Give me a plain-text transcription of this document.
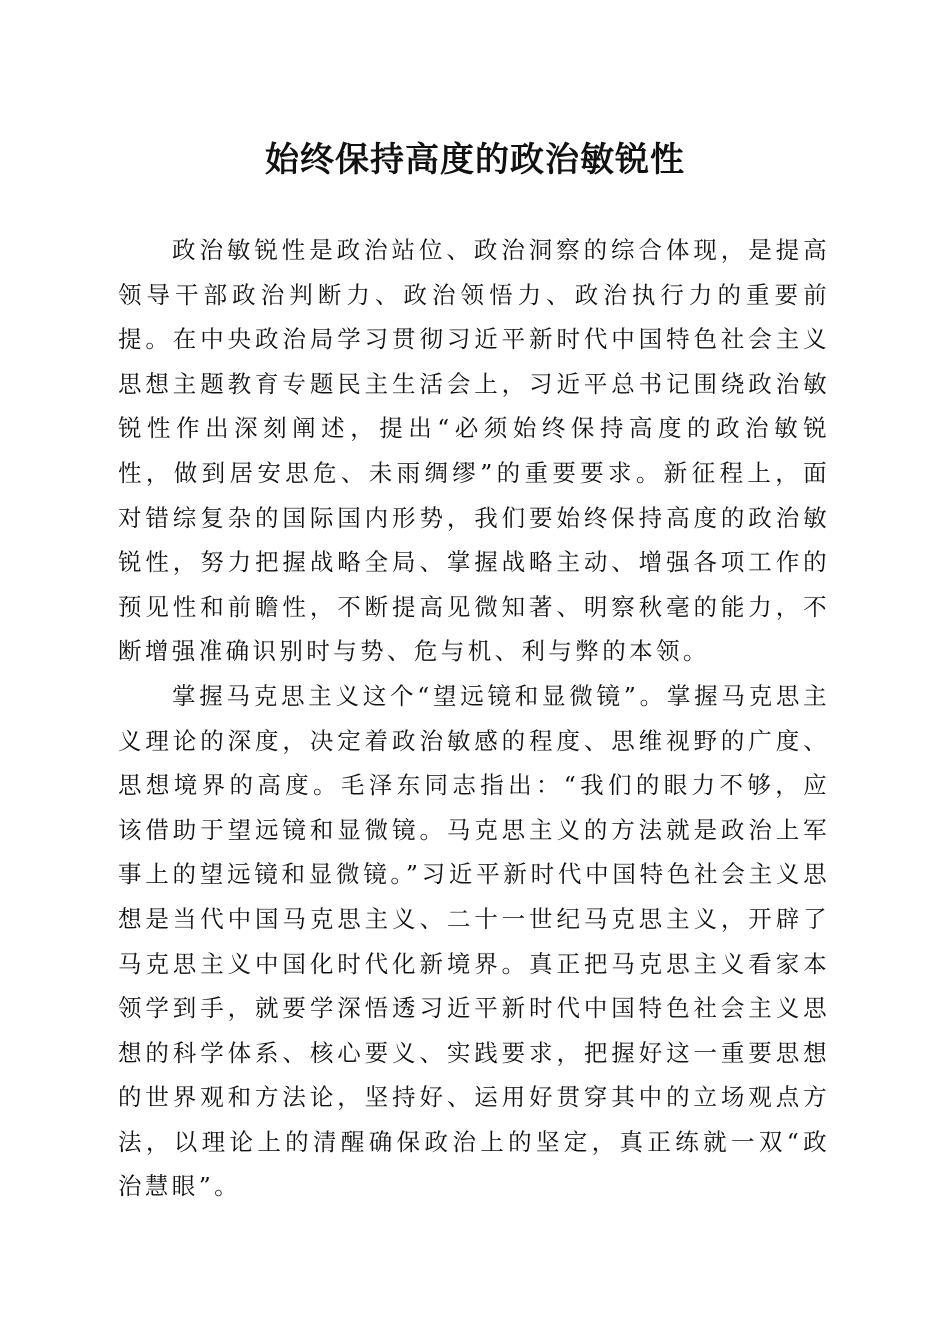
始终保持高度的政治敏锐性

政治敏锐性是政治站位、政治洞察的综合体现，是提高领导干部政治判断力、政治领悟力、政治执行力的重要前提。在中央政治局学习贯彻习近平新时代中国特色社会主义思想主题教育专题民主生活会上，习近平总书记围绕政治敏锐性作出深刻阐述，提出“必须始终保持高度的政治敏锐性，做到居安思危、未雨绸缪”的重要要求。新征程上，面对错综复杂的国际国内形势，我们要始终保持高度的政治敏锐性，努力把握战略全局、掌握战略主动、增强各项工作的预见性和前瞻性，不断提高见微知著、明察秋毫的能力，不断增强准确识别时与势、危与机、利与弊的本领。

掌握马克思主义这个“望远镜和显微镜”。掌握马克思主义理论的深度，决定着政治敏感的程度、思维视野的广度、思想境界的高度。毛泽东同志指出：“我们的眼力不够，应该借助于望远镜和显微镜。马克思主义的方法就是政治上军事上的望远镜和显微镜。”习近平新时代中国特色社会主义思想是当代中国马克思主义、二十一世纪马克思主义，开辟了马克思主义中国化时代化新境界。真正把马克思主义看家本领学到手，就要学深悟透习近平新时代中国特色社会主义思想的科学体系、核心要义、实践要求，把握好这一重要思想的世界观和方法论，坚持好、运用好贯穿其中的立场观点方法，以理论上的清醒确保政治上的坚定，真正练就一双“政治慧眼”。
